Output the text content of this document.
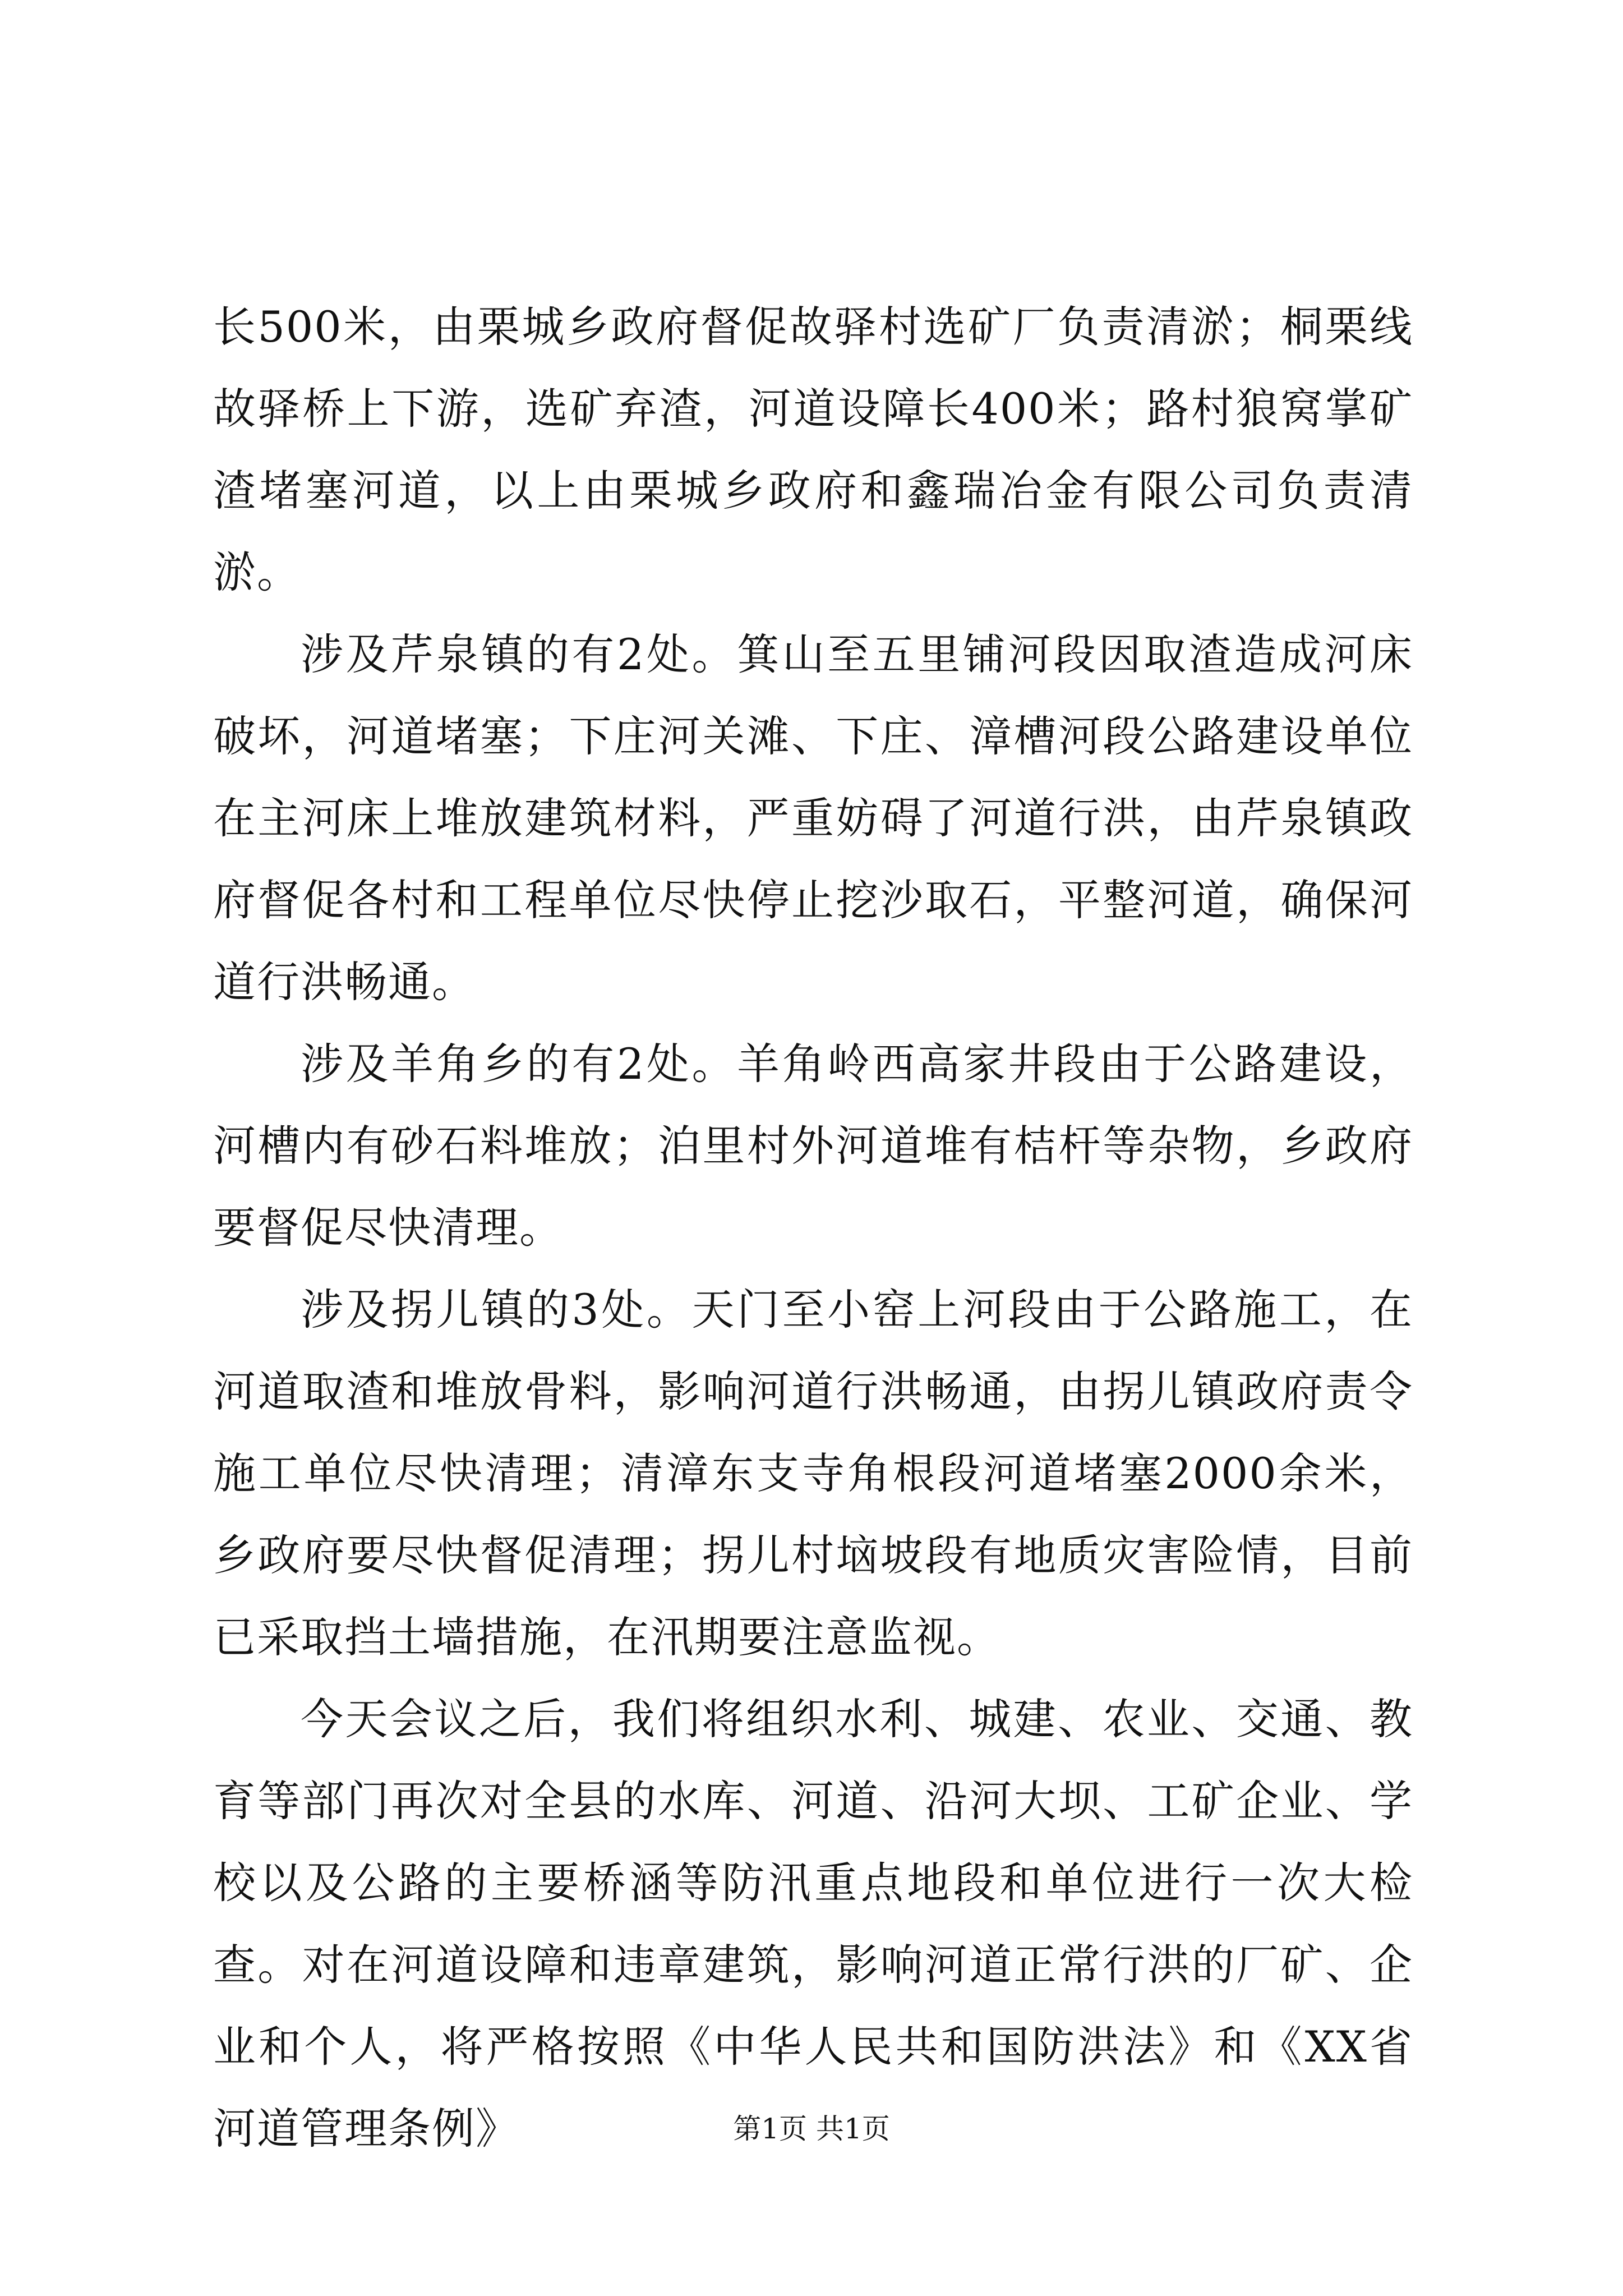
长500米，由栗城乡政府督促故驿村选矿厂负责清淤；桐栗线故驿桥上下游，选矿弃渣，河道设障长400米；路村狼窝掌矿渣堵塞河道，以上由栗城乡政府和鑫瑞冶金有限公司负责清淤。

涉及芹泉镇的有2处。箕山至五里铺河段因取渣造成河床破坏，河道堵塞；下庄河关滩、下庄、漳槽河段公路建设单位在主河床上堆放建筑材料，严重妨碍了河道行洪，由芹泉镇政府督促各村和工程单位尽快停止挖沙取石，平整河道，确保河道行洪畅通。

涉及羊角乡的有2处。羊角岭西高家井段由于公路建设，河槽内有砂石料堆放；泊里村外河道堆有桔杆等杂物，乡政府要督促尽快清理。

涉及拐儿镇的3处。天门至小窑上河段由于公路施工，在河道取渣和堆放骨料，影响河道行洪畅通，由拐儿镇政府责令施工单位尽快清理；清漳东支寺角根段河道堵塞2000余米，乡政府要尽快督促清理；拐儿村垴坡段有地质灾害险情，目前已采取挡土墙措施，在汛期要注意监视。

今天会议之后，我们将组织水利、城建、农业、交通、教育等部门再次对全县的水库、河道、沿河大坝、工矿企业、学校以及公路的主要桥涵等防汛重点地段和单位进行一次大检查。对在河道设障和违章建筑，影响河道正常行洪的厂矿、企业和个人，将严格按照《中华人民共和国防洪法》和《XX省河道管理条例》	第1页 共1页
